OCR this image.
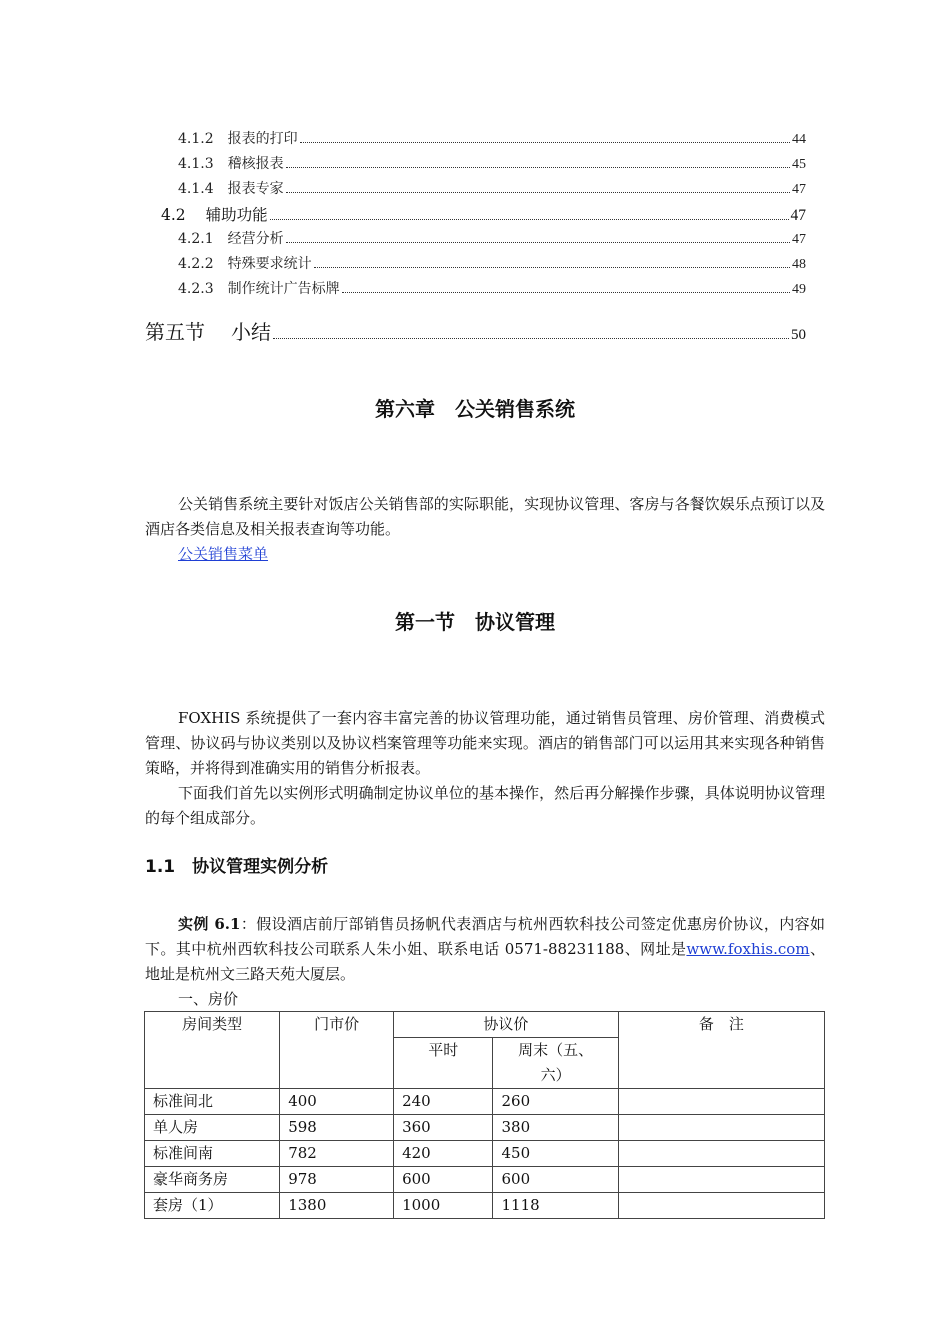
4.1.2 报表的打印	44
4.1.3 稽核报表	45
4.1.4 报表专家	47
4.2 辅助功能	47
4.2.1 经营分析	47
4.2.2 特殊要求统计	48
4.2.3 制作统计广告标牌	49
第五节 小结	50
第六章　公关销售系统
公关销售系统主要针对饭店公关销售部的实际职能，实现协议管理、客房与各餐饮娱乐点预订以及酒店各类信息及相关报表查询等功能。
公关销售菜单
第一节　协议管理
FOXHIS 系统提供了一套内容丰富完善的协议管理功能，通过销售员管理、房价管理、消费模式管理、协议码与协议类别以及协议档案管理等功能来实现。酒店的销售部门可以运用其来实现各种销售策略，并将得到准确实用的销售分析报表。
下面我们首先以实例形式明确制定协议单位的基本操作，然后再分解操作步骤，具体说明协议管理的每个组成部分。
1.1　协议管理实例分析
实例 6.1：假设酒店前厅部销售员扬帆代表酒店与杭州西软科技公司签定优惠房价协议，内容如下。其中杭州西软科技公司联系人朱小姐、联系电话 0571-88231188、网址是www.foxhis.com、地址是杭州文三路天苑大厦层。
一、房价
房间类型	门市价	协议价		备　注
		平时	周末（五、六）	
标准间北	400	240	260	
单人房	598	360	380	
标准间南	782	420	450	
豪华商务房	978	600	600	
套房（1）	1380	1000	1118	
